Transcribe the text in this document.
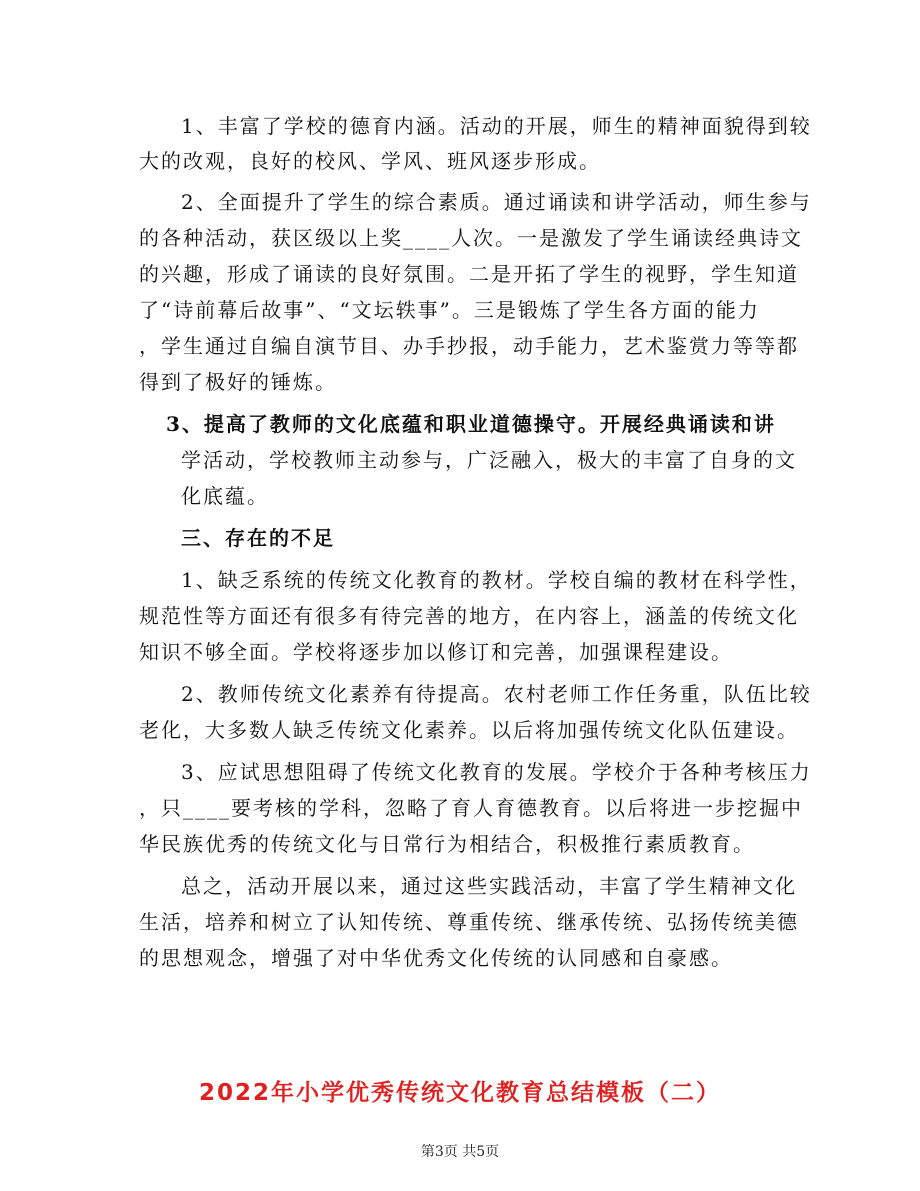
1、丰富了学校的德育内涵。活动的开展，师生的精神面貌得到较
大的改观，良好的校风、学风、班风逐步形成。
2、全面提升了学生的综合素质。通过诵读和讲学活动，师生参与
的各种活动，获区级以上奖____人次。一是激发了学生诵读经典诗文
的兴趣，形成了诵读的良好氛围。二是开拓了学生的视野，学生知道
了“诗前幕后故事”、“文坛轶事”。三是锻炼了学生各方面的能力
，学生通过自编自演节目、办手抄报，动手能力，艺术鉴赏力等等都
得到了极好的锤炼。
3、提高了教师的文化底蕴和职业道德操守。开展经典诵读和讲
学活动，学校教师主动参与，广泛融入，极大的丰富了自身的文
化底蕴。
三、存在的不足
1、缺乏系统的传统文化教育的教材。学校自编的教材在科学性，
规范性等方面还有很多有待完善的地方，在内容上，涵盖的传统文化
知识不够全面。学校将逐步加以修订和完善，加强课程建设。
2、教师传统文化素养有待提高。农村老师工作任务重，队伍比较
老化，大多数人缺乏传统文化素养。以后将加强传统文化队伍建设。
3、应试思想阻碍了传统文化教育的发展。学校介于各种考核压力
，只____要考核的学科，忽略了育人育德教育。以后将进一步挖掘中
华民族优秀的传统文化与日常行为相结合，积极推行素质教育。
总之，活动开展以来，通过这些实践活动，丰富了学生精神文化
生活，培养和树立了认知传统、尊重传统、继承传统、弘扬传统美德
的思想观念，增强了对中华优秀文化传统的认同感和自豪感。
2022年小学优秀传统文化教育总结模板（二）
第3页 共5页
